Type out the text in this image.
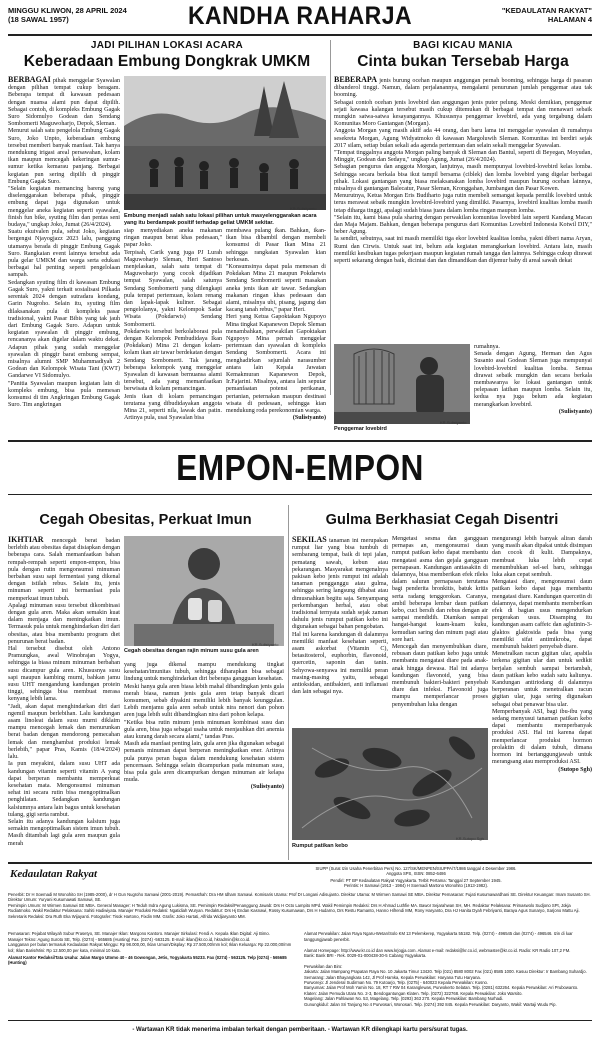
MINGGU KLIWON, 28 APRIL 2024
(18 SAWAL 1957)	KANDHA RAHARJA	"KEDAULATAN RAKYAT"
HALAMAN 4
JADI PILIHAN LOKASI ACARA
Keberadaan Embung Dongkrak UMKM
BERBAGAI pihak menggelar Syawalan dengan pilihan tempat cukup beragam. Beberapa tempat di kawasan pedesaan dengan nuansa alami pun dapat dipilih. Sebagai contoh, di kompleks Embung Gagak Suro Sidomulyo Godean dan Sendang Sombomerti Maguwoharjo, Depok, Sleman.
Menurut salah satu pengelola Embung Gagak Suro, Joko Unpto, keberadaan embung tersebut memberi banyak manfaat. Tak hanya mendukung irigasi areal persawahan, kolam ikan maupun mencegah kekeringan sumur-sumur ketika kemarau panjang. Berbagai kegiatan pun sering dipilih di pinggir Embung Gagak Suro.
"Selain kegiatan memancing bareng yang diselenggarakan beberapa pihak, pinggir embung dapat juga digunakan untuk menggelar aneka kegiatan seperti syawalan, finish fun bike, syuting film dan pentas seni budaya," ungkap Joko, Jumat (26/4/2024).
Suatu ekuivalen pula, sebut Joko, kegiatan bergengsi Njayogjazz 2023 lalu, panggung utamanya berada di pinggir Embung Gagak Suro. Rangkaian event lainnya tersebut ada pula gelar UMKM dan warga serta edukasi berbagai hal penting seperti pengelolaan sampah.
Sedangkan syuting film di kawasan Embung Gagak Suro, yakni terkait sosialisasi Pilkada serentak 2024 dengan sutradara kondang, Garin Nugroho. Selain itu, syuting film dilaksanakan pula di kompleks pasar tradisional, yakni Pasar Bibis yang tak jauh dari Embung Gagak Suro. Adapun untuk kegiatan syawalan di pinggir embung, rencananya akan digelar dalam waktu dekat. Adapun pihak yang sudah menggelar syawalan di pinggir barat embung sempat, misalnya alumni SMP Muhammadiyah 2 Godean dan Kelompok Wisata Tani (KWT) Gandarwe VI Sidomulyo.
"Panitia Syawalan maupun kegiatan lain di kompleks embung, bisa pula memesan konsumsi di tim Angkringan Embung Gagak Suro. Tim angkringan
KR-Sulistyanto
Embung menjadi salah satu lokasi pilihan untuk masyelenggarakan acara yang itu berdampak positif terhadap geliat UMKM sekitar.
siap menyediakan aneka makanan ringan maupun berat khas pedesaan," papar Joko.
Terpisah, Carik yang juga PJ Lurah Maguwoharjo Sleman, Heri Santoso menjelaskan, salah satu tempat di Maguwoharjo yang cocok dijadikan tempat Syawalan, salah satunya Sendang Sombomerti yang dilengkapi pula tempat pertemuan, kolam renang dan lapak-lapak kuliner. Sebagai pengelolanya, yakni Kelompok Sadar Wisata (Pokdarwis) Sendang Sombomerti.
Pokdarwis tersebut berkolaborasi pula dengan Kelompok Pembudidaya Ikan (Pokdakan) Mina 21 dengan kolam-kolam ikan air tawar berdekatan dengan Sendang Sombomerti. Tak jarang, beberapa kelompok yang menggelar Syawalan di kawasan bernuansa alami tersebut, ada yang memanfaatkan berwisata di kolam pemancingan.
Jenis ikan di kolam pemancingan terutama yang dibudidayakan anggota Mina 21, seperti nila, lawak dan patin. Artinya pula, usai Syawalan bisa
membawa pulang ikan. Bahkan, ikan-ikan bisa dibambil dengan membeli konsumsi di Pasar Ikan Mina 21 sehingga rangkaian Syawalan kian berkesan.
"Konsumsinya dapat pula memesan di Pokdakan Mina 21 maupun Pokdarwis Sendang Sombomerti seperti masakan aneka jenis ikan air tawar. Sedangkan makanan ringan khas pedesaan dan alami, misalnya ubi, pisang, jagung dan kacang tanah rebus," papar Heri.
Heri yang Ketua Gapoktakan Ngupoyo Mina tingkat Kapanewon Depok Sleman menambahkan, perwakilan Gapoktakan Ngupoyo Mina pernah menggelar pertemuan dan syawalan di kompleks Sendang Sombomerti. Acara ini menghadirkan sejumlah narasumber antara lain Kepala Jawatan Kemakmuran Kapanewon Depok, Ir.Fajarini. Misalnya, antara lain seputar pemanfaatan potensi perikanan, pertanian, peternakan maupun destinasi wisata di pedesaan, sehingga kian mendukung roda perekonomian warga.
(Sulistyanto)
BAGI KICAU MANIA
Cinta bukan Tersebab Harga
BEBERAPA jenis burung ocehan maupun anggungan pernah booming, sehingga harga di pasaran dibanderol tinggi. Namun, dalam perjalanannya, mengalami penurunan jumlah penggemar atau tak booming.
Sebagai contoh ocehan jenis lovebird dan anggungan jenis puter pelung. Meski demikian, penggemar sejati kawasa kalangan tersebut masih cukup ditemukan di berbagai tempat dan menawari sebaik mungkin satwa-satwa kesayangannya. Khususnya penggemar lovebird, ada yang tergabung dalam Komunitas Moro Gantangan (Morgan).
Anggota Morgan yang masih aktif ada 44 orang, dan baru lama ini menggelar syawalan di rumahnya sesekreta Morgan, Agung Widyatmoko di kawasan Margoluwih Sleman. Komunitas ini berdiri sejak 2017 silam, setiap bulan sekali ada agenda pertemuan dan selain sekali menggelar Syawalan.
"Tempat tinggalnya anggota Morgan paling banyak di Sleman dan Bantul, seperti di Beyegan, Moyudan, Minggir, Godean dan Sedayu," ungkap Agung, Jumat (26/4/2024).
Sebagian pengurus dan anggota Morgan, lanjutnya, masih mempunyai lovebird-lovebird kelas lomba. Sehingga secara berkala bisa ikut tampil bersama (ciblek) dan lomba lovebird yang digelar berbagai pihak. Lokasi gantangan yang biasa melaksanakan lomba lovebird maupun burung ocehan lainnya, misalnya di gantangan Balecatur, Pasar Sleman, Kronggahan, Jumbangan dan Pasar Kowen.
Menurutnya, Ketua Morgan Eris Budiharto juga rutin membeli semangat kepada pemilik lovebird untuk terus merawat sebaik mungkin lovebird-lovebird yang dimiliki. Pasarnya, lovebird kualitas lomba masih tetap diharga tinggi, apalagi sudah biasa juara dalam lomba ringan maupun lomba.
"Selain itu, kami biasa pula sharing dengan perwakilan komunitas lovebird lain seperti Kandang Macan dan Maja Majam. Bahkan, dengan beberapa pengurus dari Komunitas Lovebird Indonesia Kotwil DIY," beber Agung.
Ia sendiri, sebutnya, saat ini masih memiliki tiga ekor lovebird kualitas lomba, yakni diberi nama Aryan, Rumi dan Cirwis. Untuk saat ini, belum ada kegiatan merangkarkan lovebird. Antara lain, masih memiliki kesibukan tugas pekerjaan maupun kegiatan rumah tangga dan lainnya. Sehingga cukup dirawat seperti sekarang dengan baik, dicintai dan dan dimandikan dan dijemur baby di areal sawah dekat
KR-Sulistyanto
Penggemar lovebird
rumahnya.
Senada dengan Agung, Herman dan Agus Susanto asal Godean Sleman juga mempunyai lovebird-lovebird kualitas lomba. Semua dirawat sebaik mungkin dan secara berkala membawanya ke lokasi gantangan untuk pelepasan latihan maupun lomba. Selain itu, kedua nya juga belum ada kegiatan merangkarkan lovebird.
(Sulistyanto)
EMPON-EMPON
Cegah Obesitas, Perkuat Imun
IKHTIAR mencegah berat badan berlebih atau obesitas dapat disiapkan dengan beberapa cara. Salah memanfaatkan bahan rempah-rempah seperti empon-empon, bisa pula dengan rutin mengonsumsi minuman berbahan susu sapi fermentasi yang dikenal dengan istilah rebus. Selain itu, jenis minuman seperti ini bermanfaat pula memperkuat imun tubuh.
Apalagi minuman susu tersebut dikombinasi dengan gula aren. Maka akan semakin kuat dalam menjaga dan meningkatkan imun. Termasuk pula untuk menghindarkan diri dari obesitas, atau bisa membantu program diet penurunan berat badan.
Hal tersebut disebut oleh Antono Pramungkas, awal Winobrajan Yogya, sehingga ia biasa minum minuman berbahan susu dicampur gula aren. Khususnya susu sapi maupun kambing murni, bahkan jamu susu UHT mengandung kandungan protein tinggi, sehingga bisa membuat merasa kenyang lebih lama.
"Jadi, akan dapat menghindarkan diri dari ngemil maupun berlebihan. Lalu kandungan asam linoleat dalam susu murni diklaim mampu mencegah lemak dan menurunkan berat badan dengan mendorong pemecahan lemak dan menghambat produksi lemak berlebih," papar Pras, Kamis (18/4/2024) lalu.
Ia pun meyakini, dalam susu UHT ada kandungan vitamin seperti vitamin A yang dapat berperan membantu memperkuat kesehatan mata. Mengonsumsi minuman sehat ini secara rutin bisa mengoptimalkan penghilatan. Sedangkan kandungan kalsiumnya antara lain bagus untuk kesehatan tulang, gigi serta rambut.
Selain itu adanya kandungan kalsium juga semakin mengoptimalkan sistem imun tubuh. Masih ditambah lagi gula aren maupun gula merah
KR-Sulistyanto
Cegah obesitas dengan rajin minum susu gula aren
yang juga dikenal mampu mendukung tingkat kesehatan/imunitas tubuh, sehingga diharapkan bisa sebagai lindung untuk menghindarkan diri beberapa gangguan kesehatan.
Meski hanya gula aren biasa lebih mahal dibandingkan jenis gula merah biasa, namun jenis gula aren tetap banyak dicari konsumen, sebab diyakini memiliki lebih banyak keunggulan. Lebih menjamu gula aren sebab untuk nira nenori dan pohon aren juga lebih sulit dibandingkan nira dari pohon kelapa.
"Ketika bisa rutin minum jenis minuman kombinasi susu dan gula aren, bisa juga sebagai usaha untuk menjauhkan diri anemia atau kurang darah secara alami," tandas Pras.
Masih ada manfaat penting lain, gula aren jika digunakan sebagai pemanis minuman dapat berperan meningkatkan ener. Artinya pula punya peran bagus dalam mendukung kesehatan sistem pencernaan. Sehingga selain dicampurkan pada minuman susu, bisa pula gula aren dicampurkan dengan minuman air kelapa muda.
(Sulistyanto)
Gulma Berkhasiat Cegah Disentri
SEKILAS tanaman ini merupakan rumput liar yang bisa tumbuh di sembarang tempat, baik di tepi jalan, pematang sawah, kebun atau pekarangan. Masyarakat mengenalnya pakisan kebo jenis rumput ini adalah tanaman pengganggu atau gulma, sehingga sering langsung dibabat atau dimusnahkan begitu saja. Senyampang perkembangan herbal, atau obat tradisional ternyata sudah sejak zaman dahulu jenis rumput patikan kebo ini digunakan sebagai bahan pengobatan.
Hal ini karena kandungan di dalamnya memiliki manfaat kesehatan seperti, asam askorbat (Vitamin C), betasitosterol, euphorbin, flavonoid, quercetin, saponin dan tanin. Sehyowa-senyawa ini memiliki peran masing-masing yaitu, sebagai antioksidan, antibakteri, anti inflamasi dan lain sebagai nya.
Mengetasi sesma dan gangguan pernapas an, mengonsumsi daun rumput patikan kebo dapat membantu mengatasi asma dan gejala gangguan pernapasan. Kandungan antiasakiin di dalamnya, bisa memberikan efek rileks dalam saluran pernapasan terutama bagi penderita bronkitis, batuk kritis serta radang tenggorokan. Caranya, ambil beberapa lembar daun patikan kebo, cuci bersih dan rebus dengan air sampai mendidih. Diamkan sampai hangat-hangat kuam-kuam kuku, kemudian saring dan minum pagi atau sore hari.
Mencegah dan menyembuhkan diare, rebusan daun patikan kebo juga untuk membantu mengatasi diare pada anak-anak hingga dewasa. Hal ini adanya kandungan flavonoid, yang bisa membunuh bakteri-bakteri penyebab diare dan infeksi. Flavonoid juga mampu memperlancar proses penyembuhan luka dengan
mengurangi lebih banyak aliran darah yang masih akan dipakai untuk disimpan dan cocok di kulit. Dampaknya, membuat luka lebih cepat menumbuhkan sel-sel baru, sehingga luka akan cepat sembuh.
Mengatasi diare, mengonsumsi daun patikan kebo dapat juga membantu mengatasi diare. Kandungan quercetin di dalamnya, dapat membantu memberikan efek di bagian usus mengendurkan pergerakan usus. Disamping itu kandungan asam caffeic dan aglutinin-3- glaktos glaktosida pada bisa yang memiliki sifat antimikroba, dapat membunuh bakteri penyebab diare.
Menetralkan racun gigitan ular, apabila terkena gigitan ular dan untuk sedikit berjalan sembuh sampai bertambah, daun patikan kebo sudah satu kaliunya. Kandungan antiriodang di dalamnya berperanan untuk menetralkan racun gigitan ular, juga sering digunakan sebagai obat penawar bisa ular.
Memperbanyak ASI, bagi ibu-ibu yang sedang menyusui tanaman patikan kebo dapat membantu memperbanyak produksi ASI. Hal ini karena dapat memperlancar produksi hormon prolaktin di dalam tubuh, dimana hormon ini bertanggungjawab untuk merangsang atau memproduksi ASI.
(Sutopo Sgh)
KR-Sutopo Sgh
Rumput patikan kebo
Kedaulatan Rakyat	SIUPP (Surat Izin Usaha Penerbitan Pers) No. 127/SK/MENPEN/SIUPPA/7/1986 tanggal 4 Desember 1986.
Anggota SPS, ISSN: 0852-6486
Pendiri: PT BP Kedaulatan Rakyat Yogyakarta. Terbit Pertama: Tanggal 27 September 1945.
Perintis: H Samawi (1913 - 1984) H Soemadi Martono Wonohito (1913-1982).
Penerbit: Dr H Soemadi M Wonohito SH (1985-2000), dr H Gun Nugroho Samawi (2001-2019). Pemasthah: Dra HM Idham Samawi. Komisaris Utama: Prof Dr Longani Adisujanto. Direktur Utama: M Wirmen Samawi SE MBA. Direktur Pemasaran: Fujati Kusumawardhani SE. Direktur Keuangan: Imam Susanto SH. Direktur Umum: Yuryani Kusumawati Samawi, SE.
Pemimpin Umum: M Wirmen Samawi SE MBA. General Manager: H Teduh Indra Agung Lukisma, SE. Pemimpin Redaksi/Penanggung Jawab: Drs H Octo Lampito MPd. Wakil Pemimpin Redaksi: Drs H Ahmad Luthfie MA. Bawor Sejarahwan SH, MH. Redaktur Pelaksana: Primaswolo Sudjono SPt, Jokja Rudiatmoko. Wakil Redaktur Pelaksana: Sahiti Hadiwiyata. Manajer Produksi Redaksi: Ngatidiah Wuryan. Redaktur: Drs Hj Endan Kasnawi, Rossy Kusumawan, Drs H Hudarno, Drs Restu Ramanto, Hanno Hifrendi MM, Rony Haryanto, Dra HJ Hanita Dyah Febriyanti, Baraya Agus Sunaryo, Sarjono Mattu Aji.
Sekretaris Redaksi: Dra Ruth Eka Wijayanti. Fotografer: Tisok Hartono, Fixdin MM. Grafis: Joko Hartati, Alfrida Widjiaryanto MM.

Pemasaran: Pejabat Wilayah Subur Prasetyo, SE. Manajer Iklan: Margono Kantoro. Manajer Sirkulasi: Fendi A. Kepala Iklan Digital: Aji Bimo.
Manajer Tekno: Agung Suroto SE, Telp. (0274) - 565685 (Hunting) Fax. (0274) -563125. E-mail: iklan@kr.co.id, hkradmin@kr.co.id.
Langganan per bulan termasuk Kedaulatan Rakyat Minggu: Rp 98.000,00, Iklan Umum/Display: Rp 27.500,00/mm kol; Iklan Keluarga: Rp 22.000,00/mm kol; Iklan Baris/Mini: Rp 12.500,00 per kata, minimal 10 kata.

Alamat Kantor Redaksi/Tata Usaha: Jalan Margo Utomo 40 - 46 Gowongan, Jetis, Yogyakarta 55233. Fax (0274) - 563125. Telp (0274) - 565685 (Hunting)

Alamat Perwakilan: Jalan Raya Ngaru-Wetan/Solo KM 13 Pelemkerep, Yogyakarta 55182. Telp. (0274) - 496545 dan (0274) - 496546. Izin di luar tanggungjawab penerbit.

Alamat Homepage: http://www.kr.co.id dan www.krjogja.com. Alamat e-mail: redaksi@kr.co.id, webmaster@kr.co.id. Radio: KR Radio 107,2 FM.
Bank: Bank BRI - Rek. 0029-01-000438-30-5 Cabang Yogyakarta.

Perwakilan dan Biro:
Jakarta: Jalan Mampang Prapatan Raya No. 10 Jakarta Timur 13420. Telp (021) 8580 8002 Fax (021) 8585 1000. Kasuu Direktur: Ir Bambang Suhardjo.
Semarang: Jalan Bhayangkara 142, Jl Prof Hamka, Kepala Perwakilan: Haryana Tutu Haryana.
Purworejo: Jl Jenderal Sudirman No. 79 Kutoarjo, Telp. (0275) - 640023 Kepala Perwakilan: Kusno.
Banyumas: Jalan Prof Moh Yamin No. 18, RT 7 RW 04 Karanglewas, Purwokerto Selatan. Telp. (0281) 632264. Kepala Perwakilan: Ari Prubowanto.
Klaten: Jalan Pemuda Utara No. 2-3, Bendogantungan Klaten. Telp. (0272) 322768. Kepala Perwakilan: Joko Warsito.
Magelang: Jalan Pahlawan No. 53, Magelang. Telp. (0293) 363 270. Kepala Perwakilan: Bambang Nurhadi.
Gunungkidul: Jalan Sri Tanjung No 4 Purwosari, Wonosari. Telp. (0274) 392 845. Kepala Perwakilan: Daryanto, Wakil: Wartaji Wudu Pip.

- Wartawan KR tidak menerima imbalan terkait dengan pemberitaan. - Wartawan KR dilengkapi kartu pers/surat tugas.
